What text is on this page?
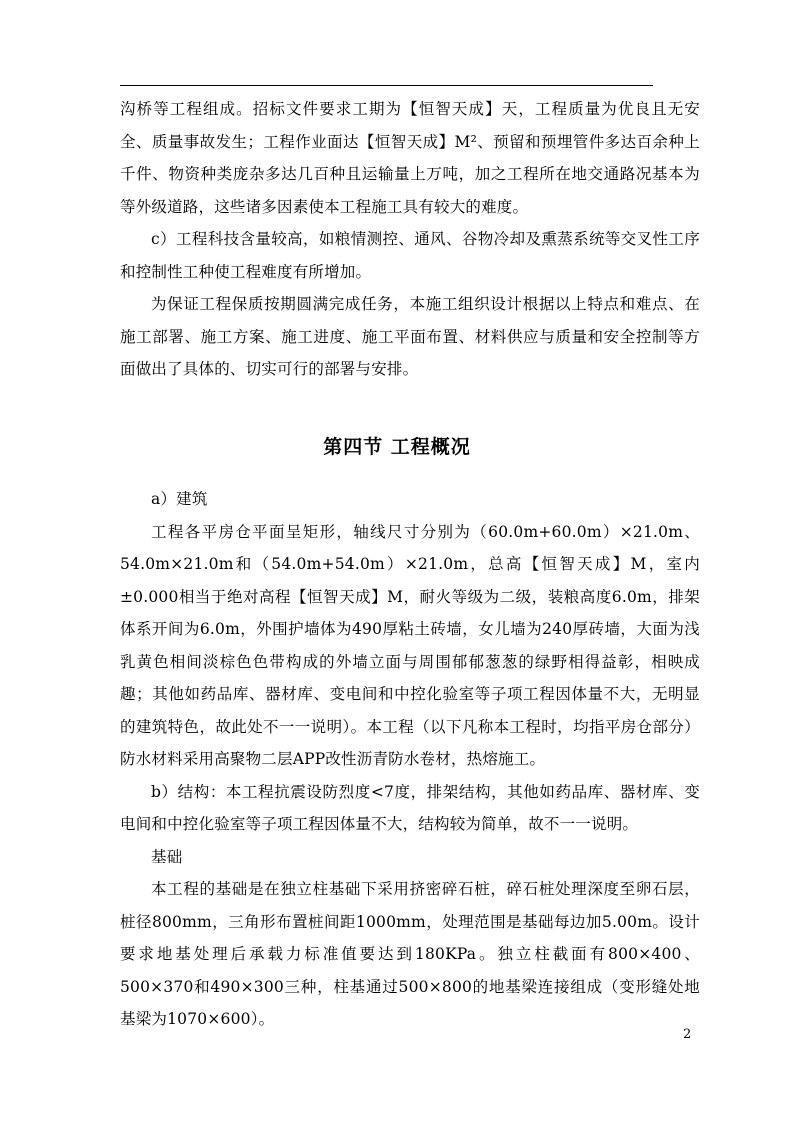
沟桥等工程组成。招标文件要求工期为【恒智天成】天，工程质量为优良且无安全、质量事故发生；工程作业面达【恒智天成】M²、预留和预埋管件多达百余种上千件、物资种类庞杂多达几百种且运输量上万吨，加之工程所在地交通路况基本为等外级道路，这些诸多因素使本工程施工具有较大的难度。

c）工程科技含量较高，如粮情测控、通风、谷物冷却及熏蒸系统等交叉性工序和控制性工种使工程难度有所增加。

为保证工程保质按期圆满完成任务，本施工组织设计根据以上特点和难点、在施工部署、施工方案、施工进度、施工平面布置、材料供应与质量和安全控制等方面做出了具体的、切实可行的部署与安排。

第四节 工程概况

a）建筑

工程各平房仓平面呈矩形，轴线尺寸分别为（60.0m+60.0m）×21.0m、54.0m×21.0m和（54.0m+54.0m）×21.0m，总高【恒智天成】M，室内±0.000相当于绝对高程【恒智天成】M，耐火等级为二级，装粮高度6.0m，排架体系开间为6.0m，外围护墙体为490厚粘土砖墙，女儿墙为240厚砖墙，大面为浅乳黄色相间淡棕色色带构成的外墙立面与周围郁郁葱葱的绿野相得益彰，相映成趣；其他如药品库、器材库、变电间和中控化验室等子项工程因体量不大，无明显的建筑特色，故此处不一一说明）。本工程（以下凡称本工程时，均指平房仓部分）防水材料采用高聚物二层APP改性沥青防水卷材，热熔施工。

b）结构：本工程抗震设防烈度<7度，排架结构，其他如药品库、器材库、变电间和中控化验室等子项工程因体量不大，结构较为简单，故不一一说明。

基础

本工程的基础是在独立柱基础下采用挤密碎石桩，碎石桩处理深度至卵石层，桩径800mm，三角形布置桩间距1000mm，处理范围是基础每边加5.00m。设计要求地基处理后承载力标准值要达到180KPa。独立柱截面有800×400、500×370和490×300三种，柱基通过500×800的地基梁连接组成（变形缝处地基梁为1070×600）。

2
